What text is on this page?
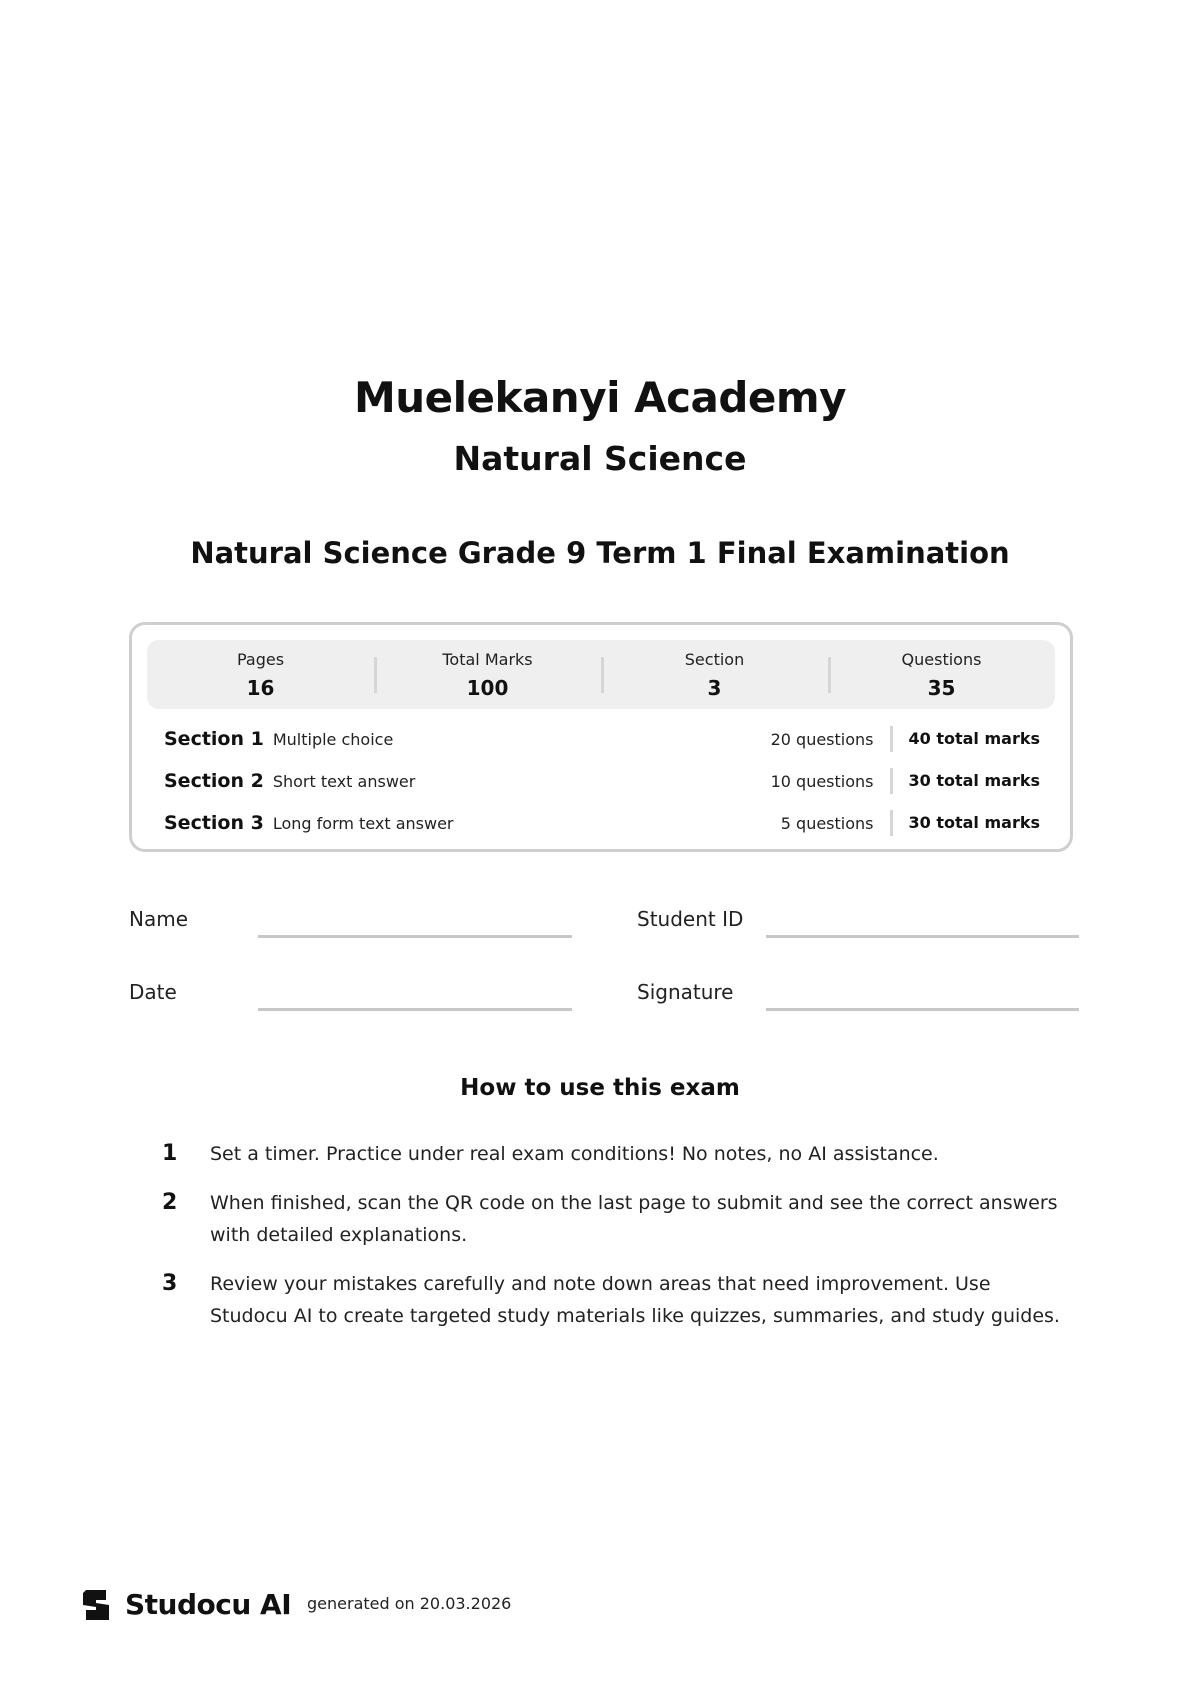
Muelekanyi Academy
Natural Science
Natural Science Grade 9 Term 1 Final Examination
Pages
16
Total Marks
100
Section
3
Questions
35
Section 1 Multiple choice	20 questions	40 total marks
Section 2 Short text answer	10 questions	30 total marks
Section 3 Long form text answer	5 questions	30 total marks
Name	Student ID
Date	Signature
How to use this exam
1	Set a timer. Practice under real exam conditions! No notes, no AI assistance.
2	When finished, scan the QR code on the last page to submit and see the correct answers with detailed explanations.
3	Review your mistakes carefully and note down areas that need improvement. Use Studocu AI to create targeted study materials like quizzes, summaries, and study guides.
Studocu AI generated on 20.03.2026
